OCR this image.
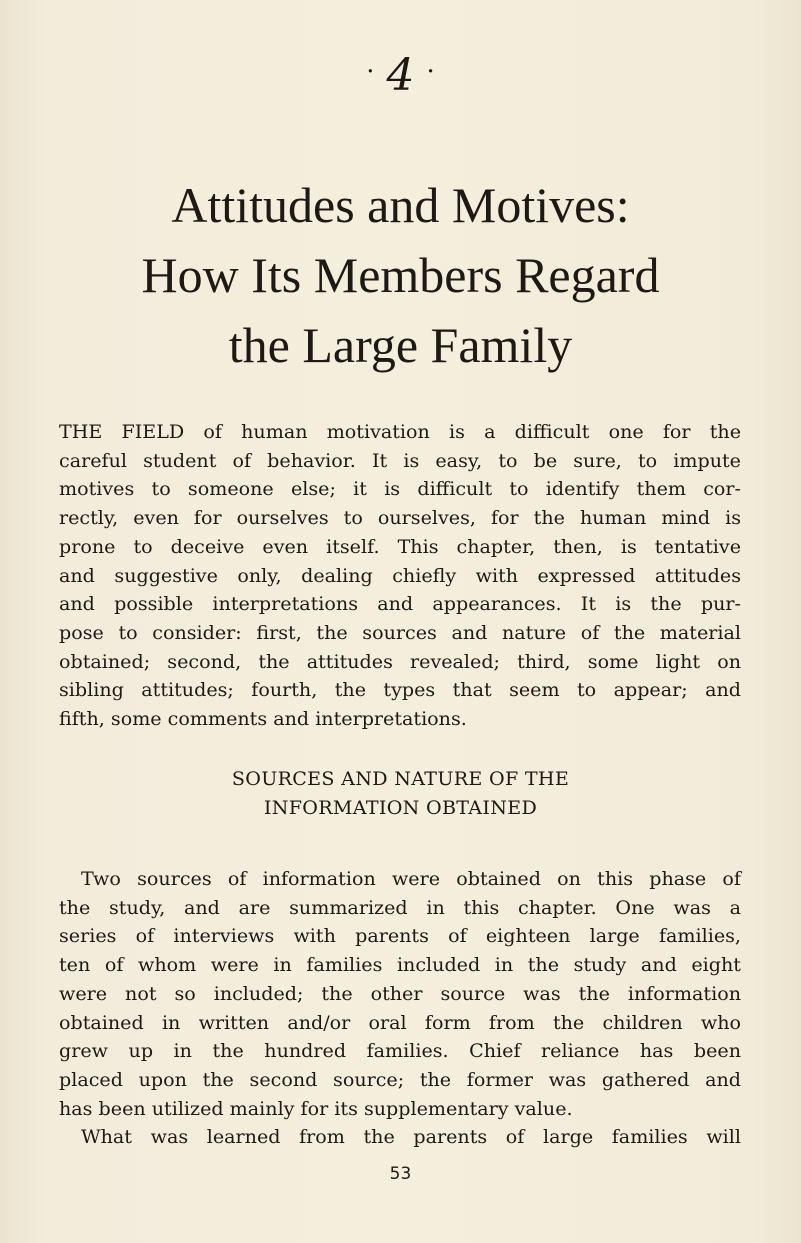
· 4 ·
Attitudes and Motives:
How Its Members Regard
the Large Family
THE FIELD of human motivation is a difficult one for the
careful student of behavior. It is easy, to be sure, to impute
motives to someone else; it is difficult to identify them cor-
rectly, even for ourselves to ourselves, for the human mind is
prone to deceive even itself. This chapter, then, is tentative
and suggestive only, dealing chiefly with expressed attitudes
and possible interpretations and appearances. It is the pur-
pose to consider: first, the sources and nature of the material
obtained; second, the attitudes revealed; third, some light on
sibling attitudes; fourth, the types that seem to appear; and
fifth, some comments and interpretations.
SOURCES AND NATURE OF THE
INFORMATION OBTAINED
Two sources of information were obtained on this phase of
the study, and are summarized in this chapter. One was a
series of interviews with parents of eighteen large families,
ten of whom were in families included in the study and eight
were not so included; the other source was the information
obtained in written and/or oral form from the children who
grew up in the hundred families. Chief reliance has been
placed upon the second source; the former was gathered and
has been utilized mainly for its supplementary value.
What was learned from the parents of large families will
53
